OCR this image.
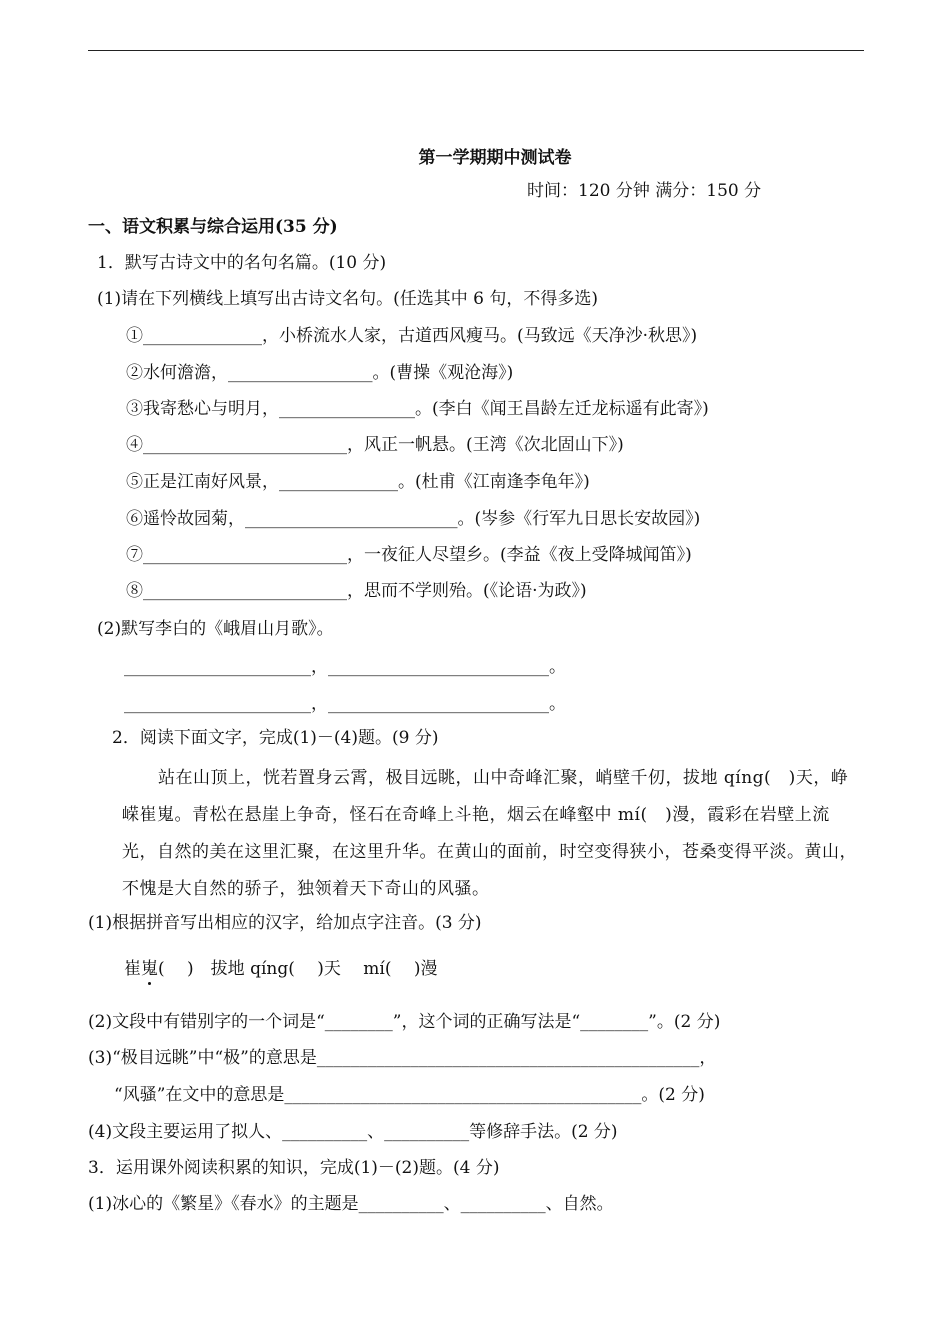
第一学期期中测试卷
时间：120 分钟 满分：150 分
一、语文积累与综合运用(35 分)
1．默写古诗文中的名句名篇。(10 分)
(1)请在下列横线上填写出古诗文名句。(任选其中 6 句，不得多选)
①______________，小桥流水人家，古道西风瘦马。(马致远《天净沙·秋思》)
②水何澹澹，_________________。(曹操《观沧海》)
③我寄愁心与明月，________________。(李白《闻王昌龄左迁龙标遥有此寄》)
④________________________，风正一帆悬。(王湾《次北固山下》)
⑤正是江南好风景，______________。(杜甫《江南逢李龟年》)
⑥遥怜故园菊，_________________________。(岑参《行军九日思长安故园》)
⑦________________________，一夜征人尽望乡。(李益《夜上受降城闻笛》)
⑧________________________，思而不学则殆。(《论语·为政》)
(2)默写李白的《峨眉山月歌》。
______________________，__________________________。
______________________，__________________________。
2．阅读下面文字，完成(1)－(4)题。(9 分)

站在山顶上，恍若置身云霄，极目远眺，山中奇峰汇聚，峭壁千仞，拔地 qíng(　)天，峥

嵘崔嵬。青松在悬崖上争奇，怪石在奇峰上斗艳，烟云在峰壑中 mí(　)漫，霞彩在岩壁上流

光，自然的美在这里汇聚，在这里升华。在黄山的面前，时空变得狭小，苍桑变得平淡。黄山，

不愧是大自然的骄子，独领着天下奇山的风骚。

(1)根据拼音写出相应的汉字，给加点字注音。(3 分)
崔嵬(　 )　拔地 qíng(　 )天　 mí(　 )漫
(2)文段中有错别字的一个词是“________”，这个词的正确写法是“________”。(2 分)
(3)“极目远眺”中“极”的意思是_____________________________________________，
“风骚”在文中的意思是__________________________________________。(2 分)
(4)文段主要运用了拟人、__________、__________等修辞手法。(2 分)
3．运用课外阅读积累的知识，完成(1)－(2)题。(4 分)
(1)冰心的《繁星》《春水》的主题是__________、__________、自然。
